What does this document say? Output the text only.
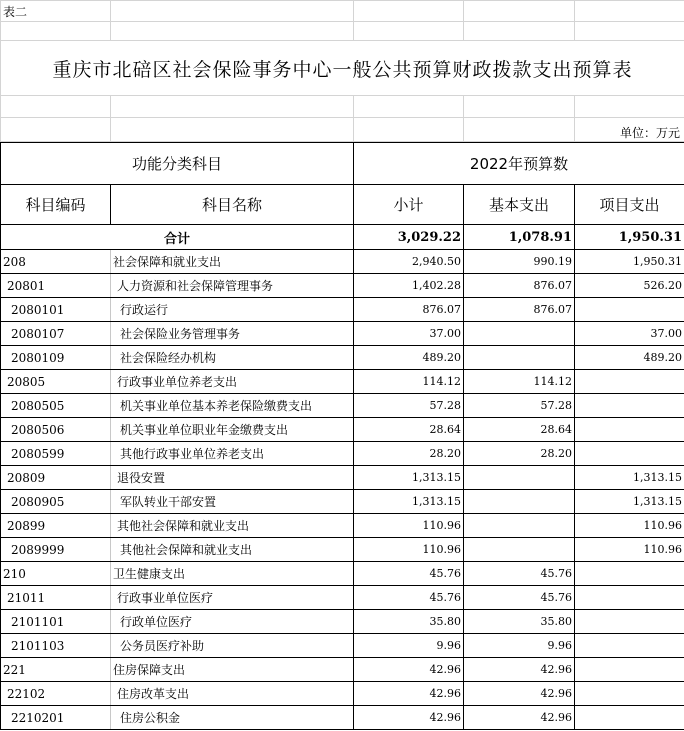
表二				

重庆市北碚区社会保险事务中心一般公共预算财政拨款支出预算表				

				单位：万元
功能分类科目		2022年预算数		
科目编码	科目名称	小计	基本支出	项目支出
合计		3,029.22	1,078.91	1,950.31
208	社会保障和就业支出	2,940.50	990.19	1,950.31
20801	人力资源和社会保障管理事务	1,402.28	876.07	526.20
2080101	行政运行	876.07	876.07	
2080107	社会保险业务管理事务	37.00		37.00
2080109	社会保险经办机构	489.20		489.20
20805	行政事业单位养老支出	114.12	114.12	
2080505	机关事业单位基本养老保险缴费支出	57.28	57.28	
2080506	机关事业单位职业年金缴费支出	28.64	28.64	
2080599	其他行政事业单位养老支出	28.20	28.20	
20809	退役安置	1,313.15		1,313.15
2080905	军队转业干部安置	1,313.15		1,313.15
20899	其他社会保障和就业支出	110.96		110.96
2089999	其他社会保障和就业支出	110.96		110.96
210	卫生健康支出	45.76	45.76	
21011	行政事业单位医疗	45.76	45.76	
2101101	行政单位医疗	35.80	35.80	
2101103	公务员医疗补助	9.96	9.96	
221	住房保障支出	42.96	42.96	
22102	住房改革支出	42.96	42.96	
2210201	住房公积金	42.96	42.96	
